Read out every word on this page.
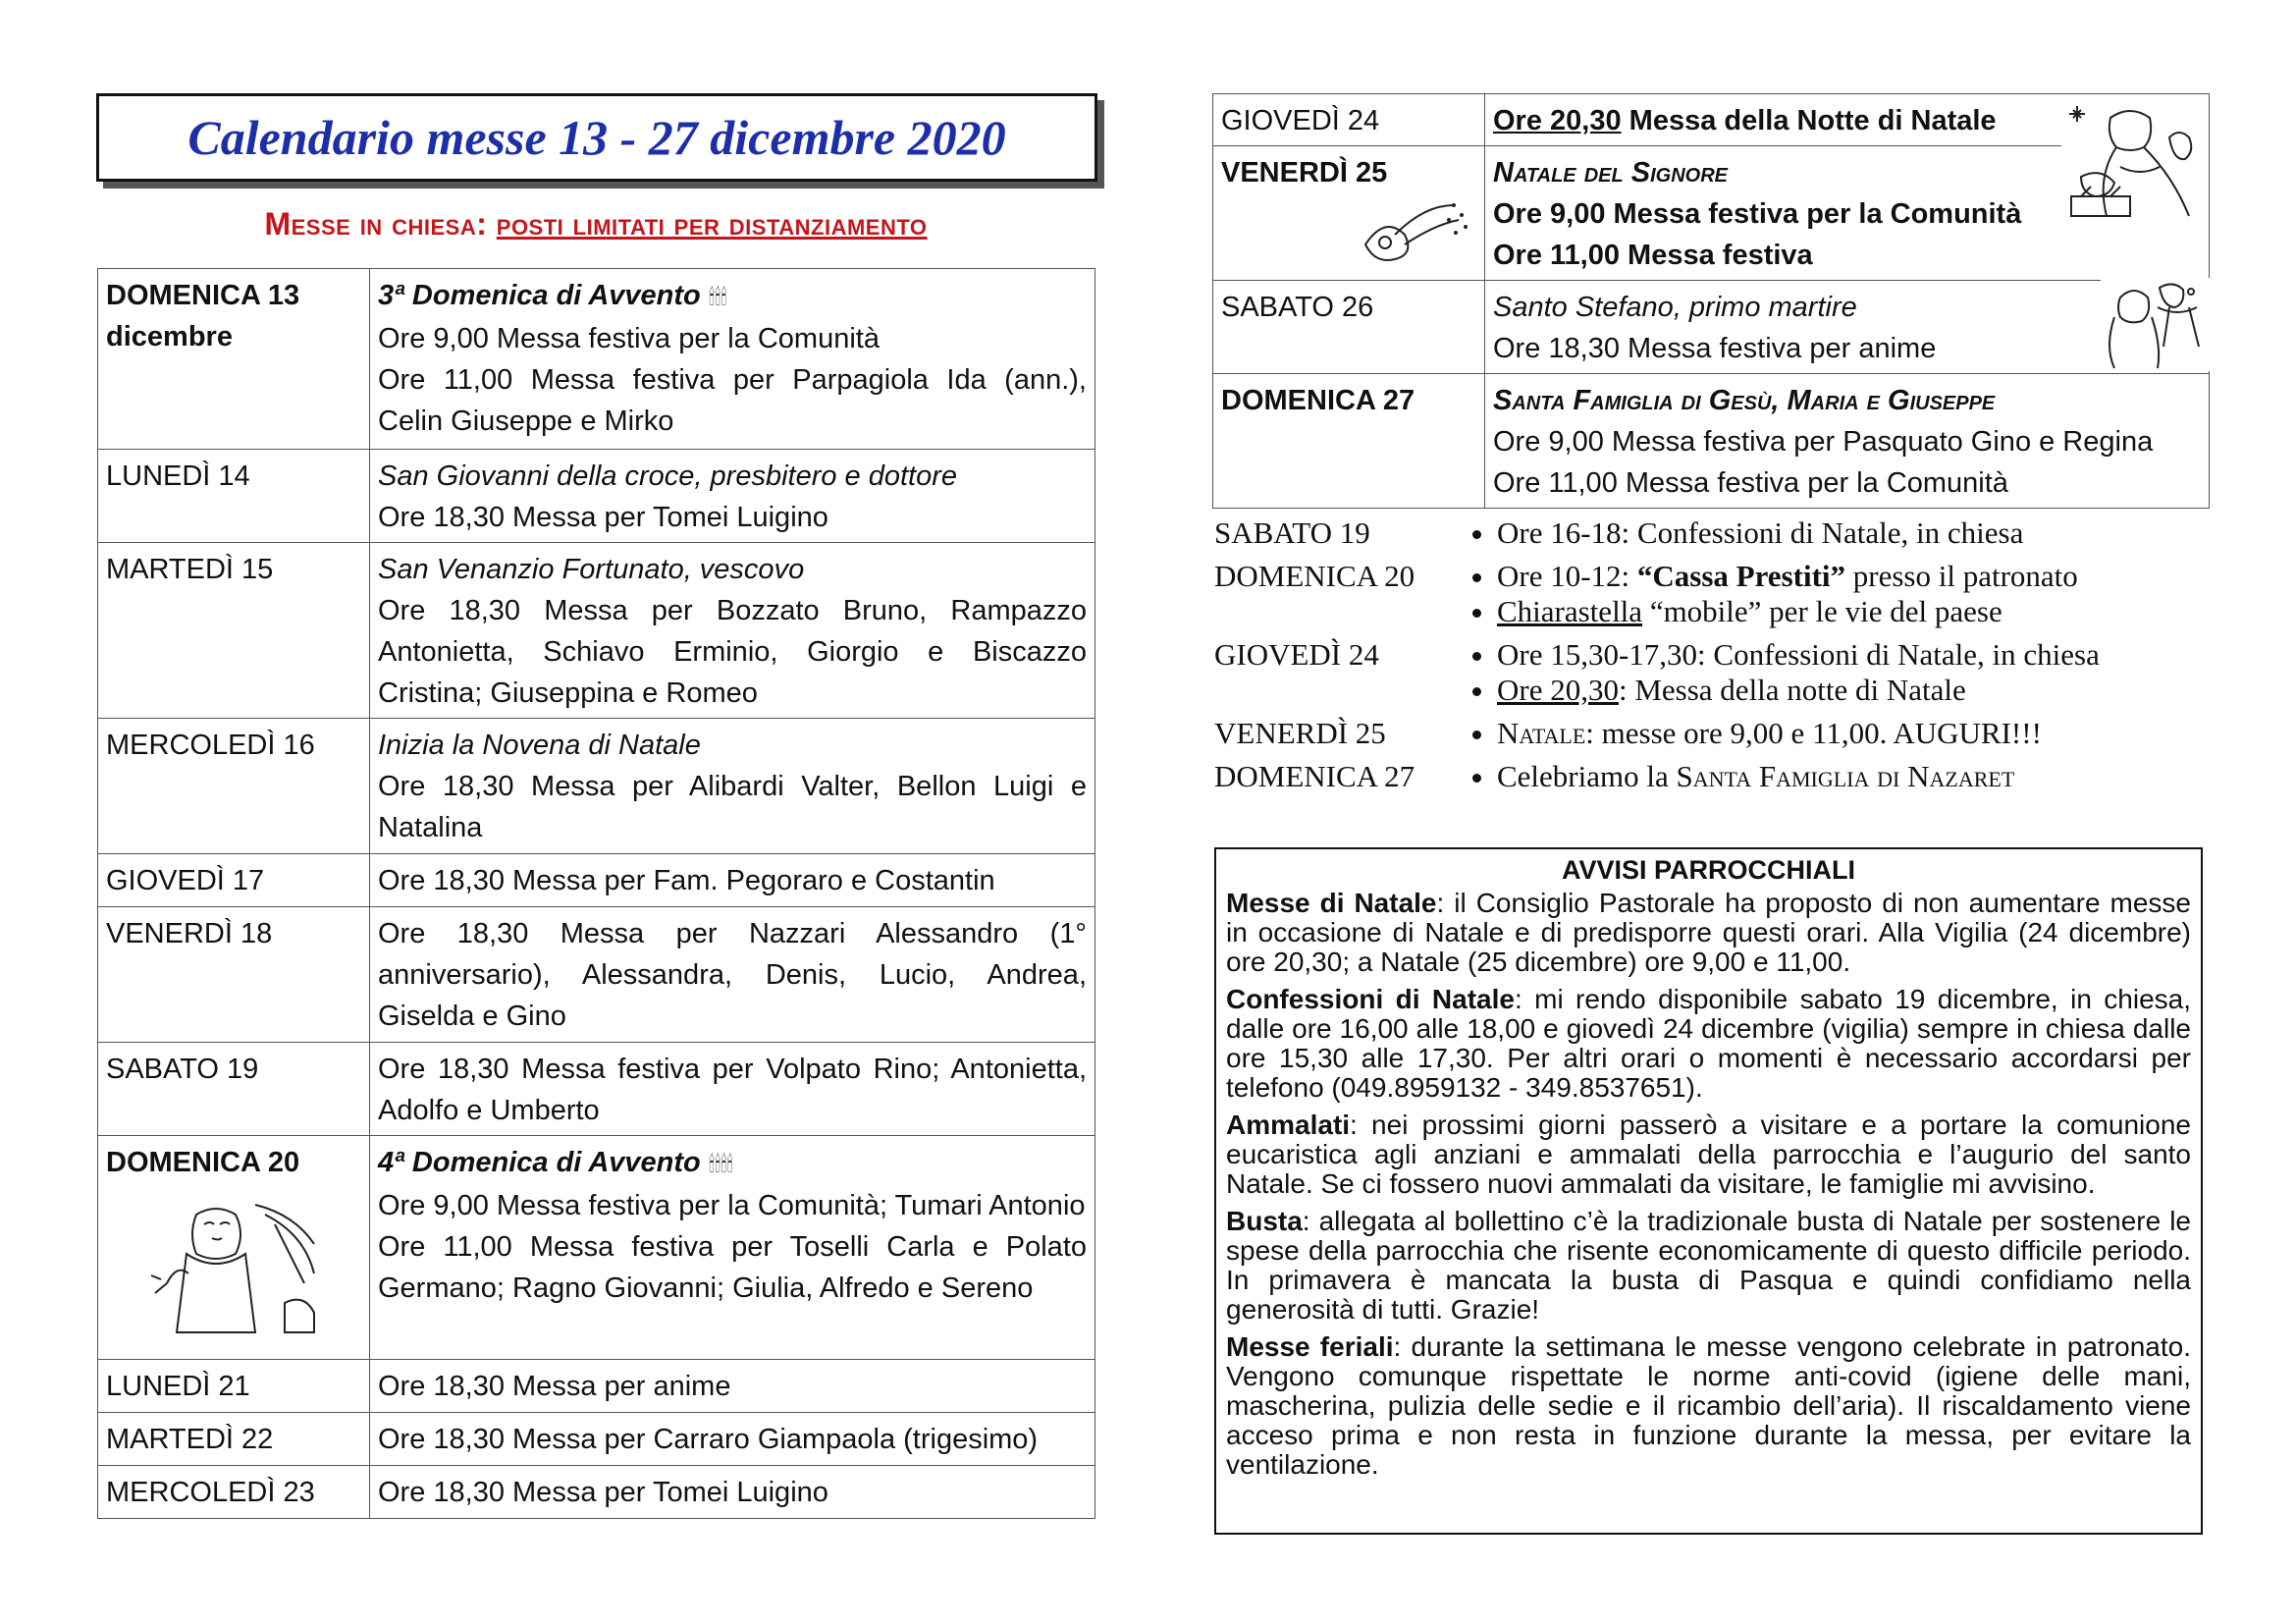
Calendario messe 13 - 27 dicembre 2020
Messe in chiesa: posti limitati per distanziamento
DOMENICA 13 dicembre	3ª Domenica di Avvento 🕯🕯🕯
Ore 9,00 Messa festiva per la Comunità
Ore 11,00 Messa festiva per Parpagiola Ida (ann.), Celin Giuseppe e Mirko

LUNEDÌ 14	San Giovanni della croce, presbitero e dottore
Ore 18,30 Messa per Tomei Luigino

MARTEDÌ 15	San Venanzio Fortunato, vescovo
Ore 18,30 Messa per Bozzato Bruno, Rampazzo Antonietta, Schiavo Erminio, Giorgio e Biscazzo Cristina; Giuseppina e Romeo

MERCOLEDÌ 16	Inizia la Novena di Natale
Ore 18,30 Messa per Alibardi Valter, Bellon Luigi e Natalina

GIOVEDÌ 17	Ore 18,30 Messa per Fam. Pegoraro e Costantin

VENERDÌ 18	Ore 18,30 Messa per Nazzari Alessandro (1° anniversario), Alessandra, Denis, Lucio, Andrea, Giselda e Gino

SABATO 19	Ore 18,30 Messa festiva per Volpato Rino; Antonietta, Adolfo e Umberto

DOMENICA 20	4ª Domenica di Avvento 🕯🕯🕯🕯
Ore 9,00 Messa festiva per la Comunità; Tumari Antonio
Ore 11,00 Messa festiva per Toselli Carla e Polato Germano; Ragno Giovanni; Giulia, Alfredo e Sereno

LUNEDÌ 21	Ore 18,30 Messa per anime

MARTEDÌ 22	Ore 18,30 Messa per Carraro Giampaola (trigesimo)

MERCOLEDÌ 23	Ore 18,30 Messa per Tomei Luigino
GIOVEDÌ 24	Ore 20,30 Messa della Notte di Natale

VENERDÌ 25	Natale del Signore
Ore 9,00 Messa festiva per la Comunità
Ore 11,00 Messa festiva

SABATO 26	Santo Stefano, primo martire
Ore 18,30 Messa festiva per anime

DOMENICA 27	Santa Famiglia di Gesù, Maria e Giuseppe
Ore 9,00 Messa festiva per Pasquato Gino e Regina
Ore 11,00 Messa festiva per la Comunità
SABATO 19	• Ore 16-18: Confessioni di Natale, in chiesa
DOMENICA 20	• Ore 10-12: “Cassa Prestiti” presso il patronato
• Chiarastella “mobile” per le vie del paese
GIOVEDÌ 24	• Ore 15,30-17,30: Confessioni di Natale, in chiesa
• Ore 20,30: Messa della notte di Natale
VENERDÌ 25	• Natale: messe ore 9,00 e 11,00. AUGURI!!!
DOMENICA 27	• Celebriamo la Santa Famiglia di Nazaret
AVVISI PARROCCHIALI

Messe di Natale: il Consiglio Pastorale ha proposto di non aumentare messe in occasione di Natale e di predisporre questi orari. Alla Vigilia (24 dicembre) ore 20,30; a Natale (25 dicembre) ore 9,00 e 11,00.

Confessioni di Natale: mi rendo disponibile sabato 19 dicembre, in chiesa, dalle ore 16,00 alle 18,00 e giovedì 24 dicembre (vigilia) sempre in chiesa dalle ore 15,30 alle 17,30. Per altri orari o momenti è necessario accordarsi per telefono (049.8959132 - 349.8537651).

Ammalati: nei prossimi giorni passerò a visitare e a portare la comunione eucaristica agli anziani e ammalati della parrocchia e l’augurio del santo Natale. Se ci fossero nuovi ammalati da visitare, le famiglie mi avvisino.

Busta: allegata al bollettino c’è la tradizionale busta di Natale per sostenere le spese della parrocchia che risente economicamente di questo difficile periodo. In primavera è mancata la busta di Pasqua e quindi confidiamo nella generosità di tutti. Grazie!

Messe feriali: durante la settimana le messe vengono celebrate in patronato. Vengono comunque rispettate le norme anti-covid (igiene delle mani, mascherina, pulizia delle sedie e il ricambio dell’aria). Il riscaldamento viene acceso prima e non resta in funzione durante la messa, per evitare la ventilazione.
